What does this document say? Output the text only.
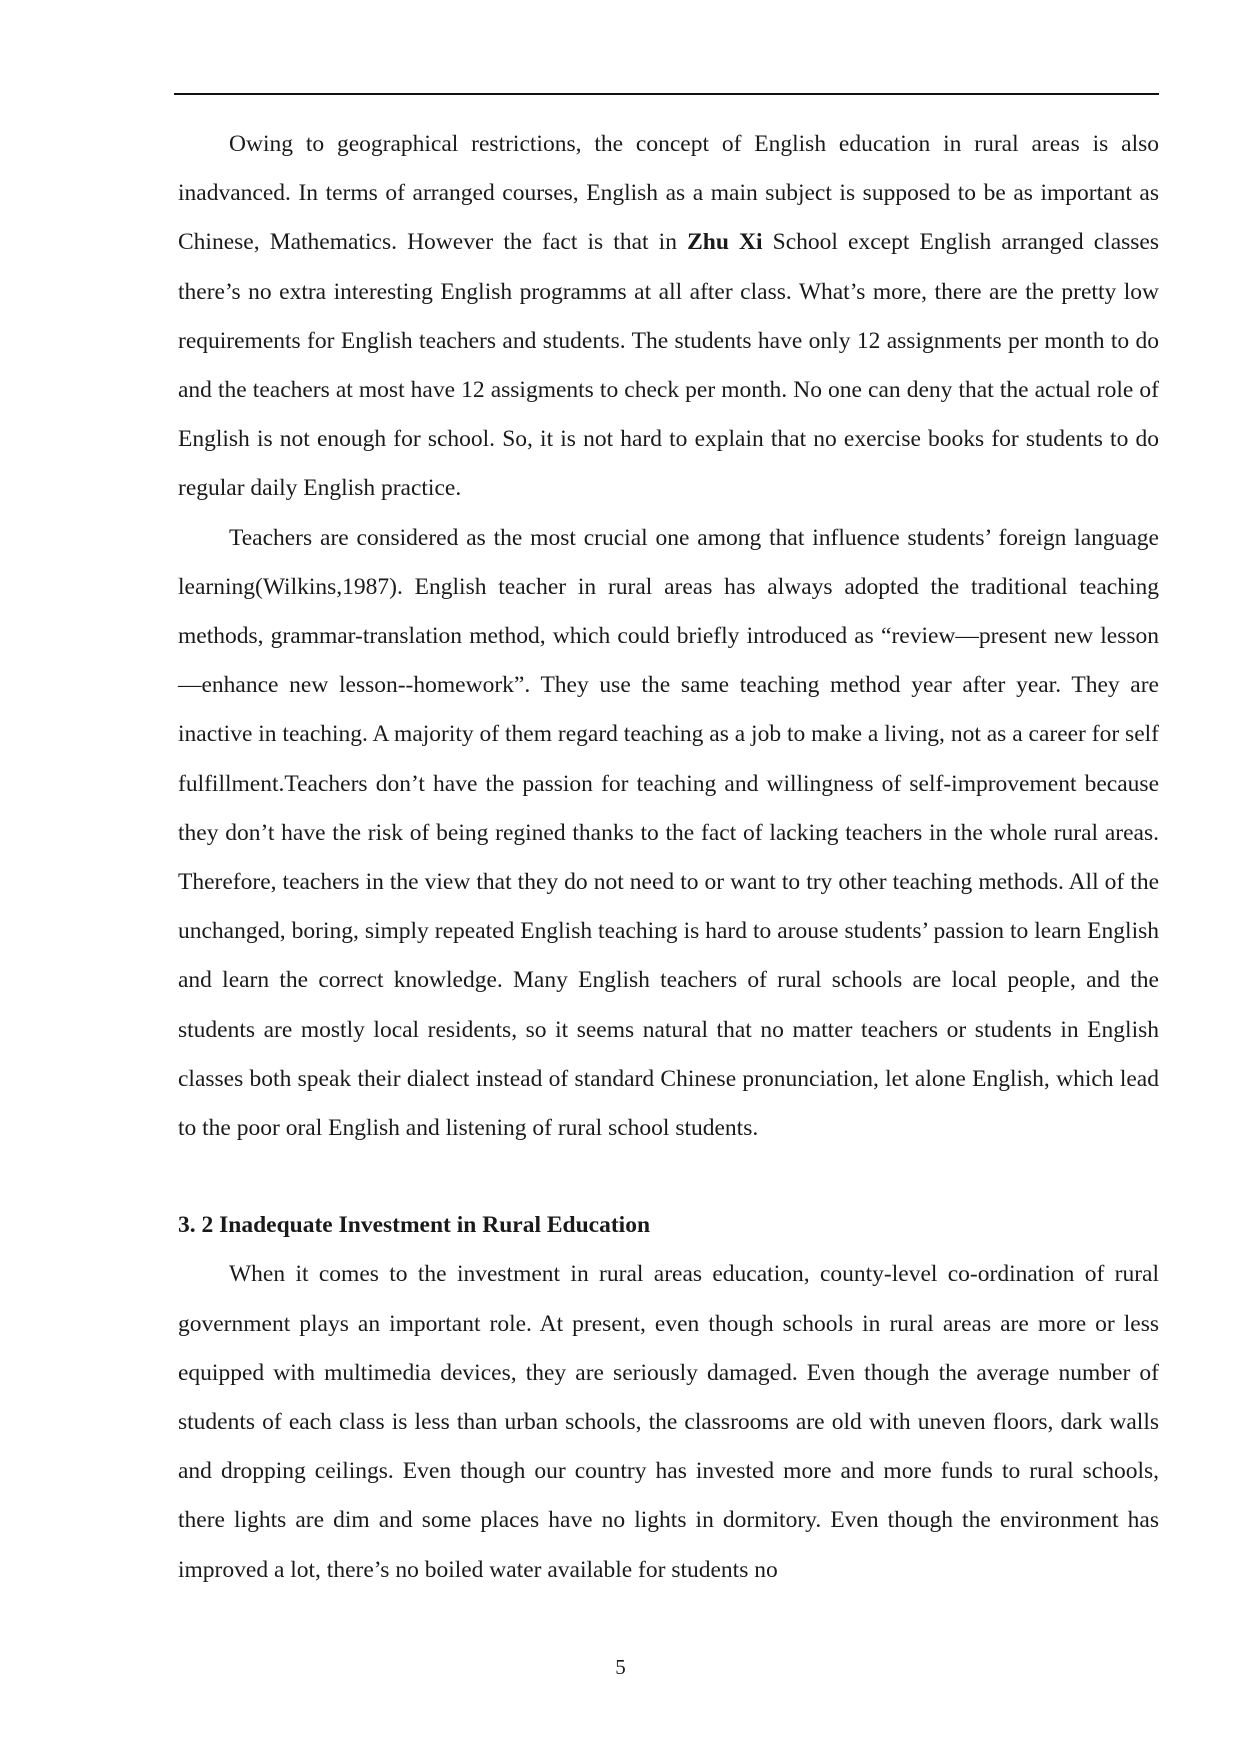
Owing to geographical restrictions, the concept of English education in rural areas is also inadvanced. In terms of arranged courses, English as a main subject is supposed to be as important as Chinese, Mathematics. However the fact is that in Zhu Xi School except English arranged classes there’s no extra interesting English programms at all after class. What’s more, there are the pretty low requirements for English teachers and students. The students have only 12 assignments per month to do and the teachers at most have 12 assigments to check per month. No one can deny that the actual role of English is not enough for school. So, it is not hard to explain that no exercise books for students to do regular daily English practice.

Teachers are considered as the most crucial one among that influence students’ foreign language learning(Wilkins,1987). English teacher in rural areas has always adopted the traditional teaching methods, grammar-translation method, which could briefly introduced as “review—present new lesson—enhance new lesson--homework”. They use the same teaching method year after year. They are inactive in teaching. A majority of them regard teaching as a job to make a living, not as a career for self fulfillment.Teachers don’t have the passion for teaching and willingness of self-improvement because they don’t have the risk of being regined thanks to the fact of lacking teachers in the whole rural areas. Therefore, teachers in the view that they do not need to or want to try other teaching methods. All of the unchanged, boring, simply repeated English teaching is hard to arouse students’ passion to learn English and learn the correct knowledge. Many English teachers of rural schools are local people, and the students are mostly local residents, so it seems natural that no matter teachers or students in English classes both speak their dialect instead of standard Chinese pronunciation, let alone English, which lead to the poor oral English and listening of rural school students.

3. 2 Inadequate Investment in Rural Education

When it comes to the investment in rural areas education, county-level co-ordination of rural government plays an important role. At present, even though schools in rural areas are more or less equipped with multimedia devices, they are seriously damaged. Even though the average number of students of each class is less than urban schools, the classrooms are old with uneven floors, dark walls and dropping ceilings. Even though our country has invested more and more funds to rural schools, there lights are dim and some places have no lights in dormitory. Even though the environment has improved a lot, there’s no boiled water available for students no

5
